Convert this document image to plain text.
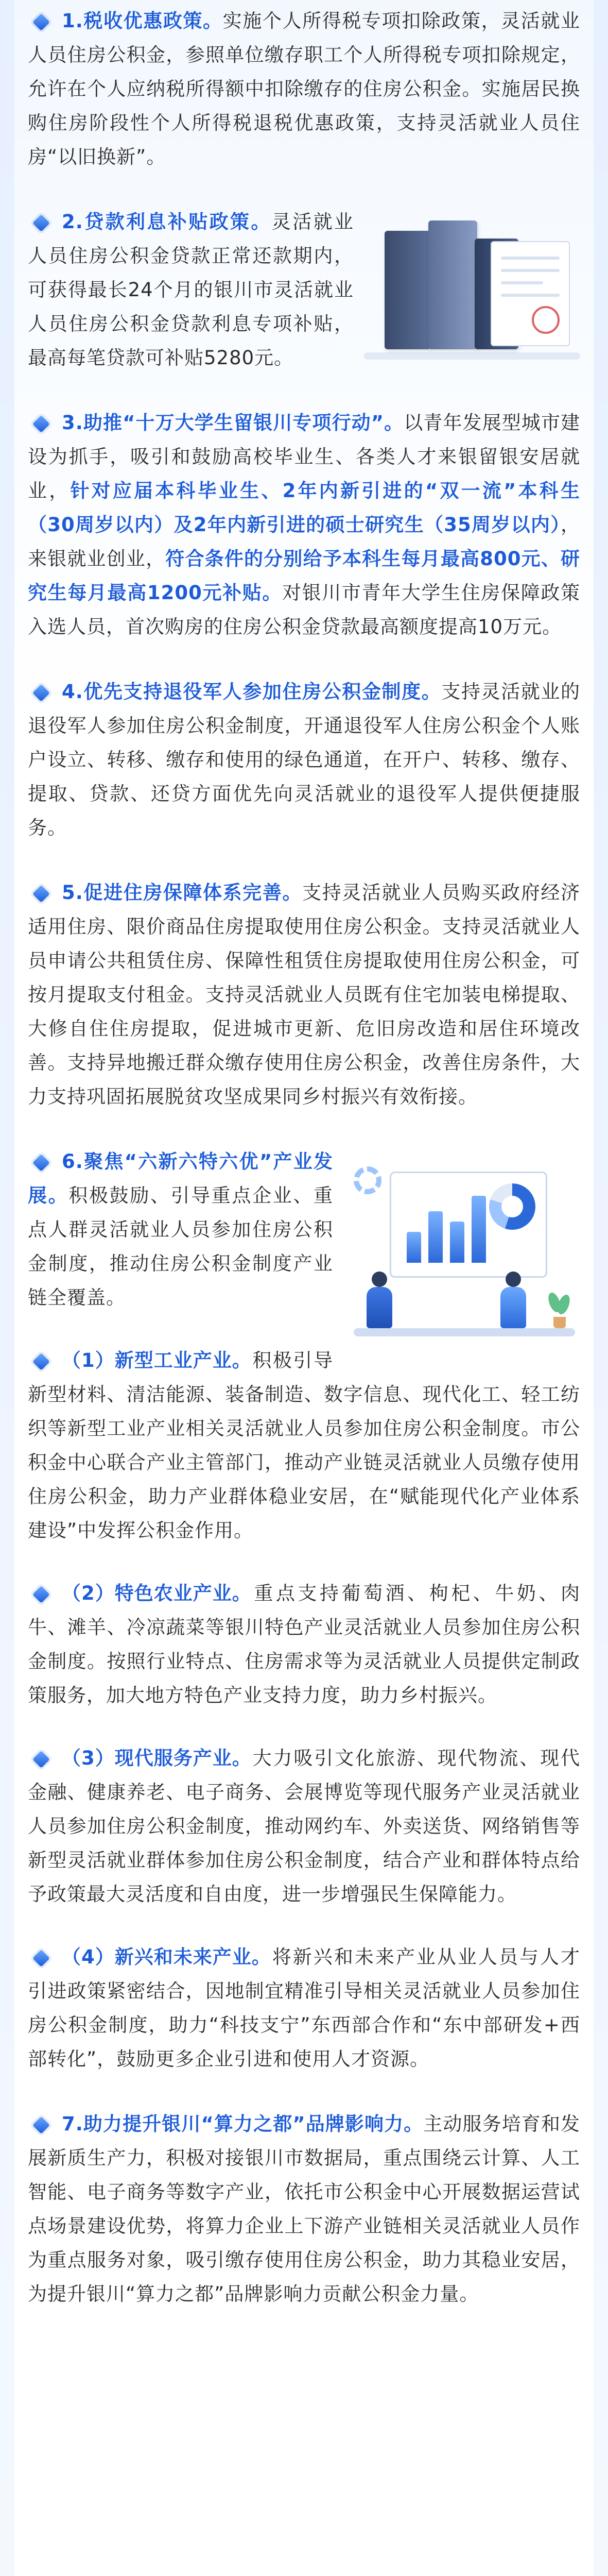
1.税收优惠政策。实施个人所得税专项扣除政策，灵活就业人员住房公积金，参照单位缴存职工个人所得税专项扣除规定，允许在个人应纳税所得额中扣除缴存的住房公积金。实施居民换购住房阶段性个人所得税退税优惠政策，支持灵活就业人员住房“以旧换新”。
2.贷款利息补贴政策。灵活就业人员住房公积金贷款正常还款期内，可获得最长24个月的银川市灵活就业人员住房公积金贷款利息专项补贴，最高每笔贷款可补贴5280元。
3.助推“十万大学生留银川专项行动”。以青年发展型城市建设为抓手，吸引和鼓励高校毕业生、各类人才来银留银安居就业，针对应届本科毕业生、2年内新引进的“双一流”本科生（30周岁以内）及2年内新引进的硕士研究生（35周岁以内），来银就业创业，符合条件的分别给予本科生每月最高800元、研究生每月最高1200元补贴。对银川市青年大学生住房保障政策入选人员，首次购房的住房公积金贷款最高额度提高10万元。
4.优先支持退役军人参加住房公积金制度。支持灵活就业的退役军人参加住房公积金制度，开通退役军人住房公积金个人账户设立、转移、缴存和使用的绿色通道，在开户、转移、缴存、提取、贷款、还贷方面优先向灵活就业的退役军人提供便捷服务。
5.促进住房保障体系完善。支持灵活就业人员购买政府经济适用住房、限价商品住房提取使用住房公积金。支持灵活就业人员申请公共租赁住房、保障性租赁住房提取使用住房公积金，可按月提取支付租金。支持灵活就业人员既有住宅加装电梯提取、大修自住住房提取，促进城市更新、危旧房改造和居住环境改善。支持异地搬迁群众缴存使用住房公积金，改善住房条件，大力支持巩固拓展脱贫攻坚成果同乡村振兴有效衔接。
6.聚焦“六新六特六优”产业发展。积极鼓励、引导重点企业、重点人群灵活就业人员参加住房公积金制度，推动住房公积金制度产业链全覆盖。
（1）新型工业产业。积极引导新型材料、清洁能源、装备制造、数字信息、现代化工、轻工纺织等新型工业产业相关灵活就业人员参加住房公积金制度。市公积金中心联合产业主管部门，推动产业链灵活就业人员缴存使用住房公积金，助力产业群体稳业安居，在“赋能现代化产业体系建设”中发挥公积金作用。
（2）特色农业产业。重点支持葡萄酒、枸杞、牛奶、肉牛、滩羊、冷凉蔬菜等银川特色产业灵活就业人员参加住房公积金制度。按照行业特点、住房需求等为灵活就业人员提供定制政策服务，加大地方特色产业支持力度，助力乡村振兴。
（3）现代服务产业。大力吸引文化旅游、现代物流、现代金融、健康养老、电子商务、会展博览等现代服务产业灵活就业人员参加住房公积金制度，推动网约车、外卖送货、网络销售等新型灵活就业群体参加住房公积金制度，结合产业和群体特点给予政策最大灵活度和自由度，进一步增强民生保障能力。
（4）新兴和未来产业。将新兴和未来产业从业人员与人才引进政策紧密结合，因地制宜精准引导相关灵活就业人员参加住房公积金制度，助力“科技支宁”东西部合作和“东中部研发+西部转化”，鼓励更多企业引进和使用人才资源。
7.助力提升银川“算力之都”品牌影响力。主动服务培育和发展新质生产力，积极对接银川市数据局，重点围绕云计算、人工智能、电子商务等数字产业，依托市公积金中心开展数据运营试点场景建设优势，将算力企业上下游产业链相关灵活就业人员作为重点服务对象，吸引缴存使用住房公积金，助力其稳业安居，为提升银川“算力之都”品牌影响力贡献公积金力量。
